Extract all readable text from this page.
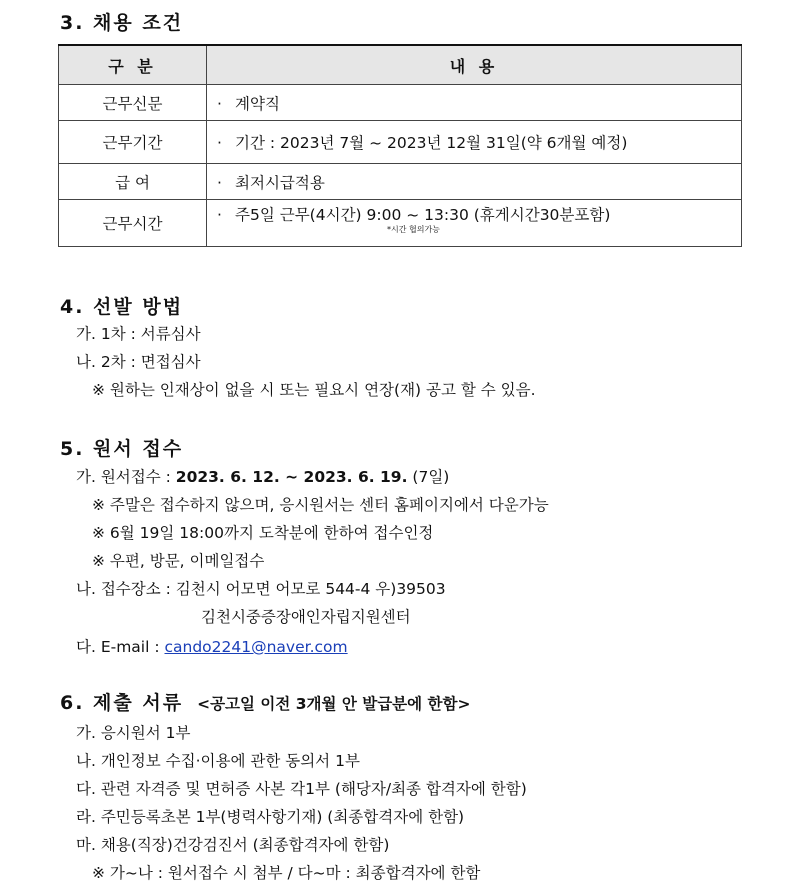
3. 채용 조건
구 분	내 용
근무신문	· 계약직
근무기간	· 기간 : 2023년 7월 ~ 2023년 12월 31일(약 6개월 예정)
급 여	· 최저시급적용
근무시간	· 주5일 근무(4시간) 9:00 ~ 13:30 (휴게시간30분포함)
*시간 협의가능
4. 선발 방법
가. 1차 : 서류심사
나. 2차 : 면접심사
※ 원하는 인재상이 없을 시 또는 필요시 연장(재) 공고 할 수 있음.
5. 원서 접수
가. 원서접수 : 2023. 6. 12. ~ 2023. 6. 19. (7일)
※ 주말은 접수하지 않으며, 응시원서는 센터 홈페이지에서 다운가능
※ 6월 19일 18:00까지 도착분에 한하여 접수인정
※ 우편, 방문, 이메일접수
나. 접수장소 : 김천시 어모면 어모로 544-4 우)39503
김천시중증장애인자립지원센터
다. E-mail : cando2241@naver.com
6. 제출 서류 <공고일 이전 3개월 안 발급분에 한함>
가. 응시원서 1부
나. 개인정보 수집·이용에 관한 동의서 1부
다. 관련 자격증 및 면허증 사본 각1부 (해당자/최종 합격자에 한함)
라. 주민등록초본 1부(병력사항기재) (최종합격자에 한함)
마. 채용(직장)건강검진서 (최종합격자에 한함)
※ 가~나 : 원서접수 시 첨부 / 다~마 : 최종합격자에 한함
